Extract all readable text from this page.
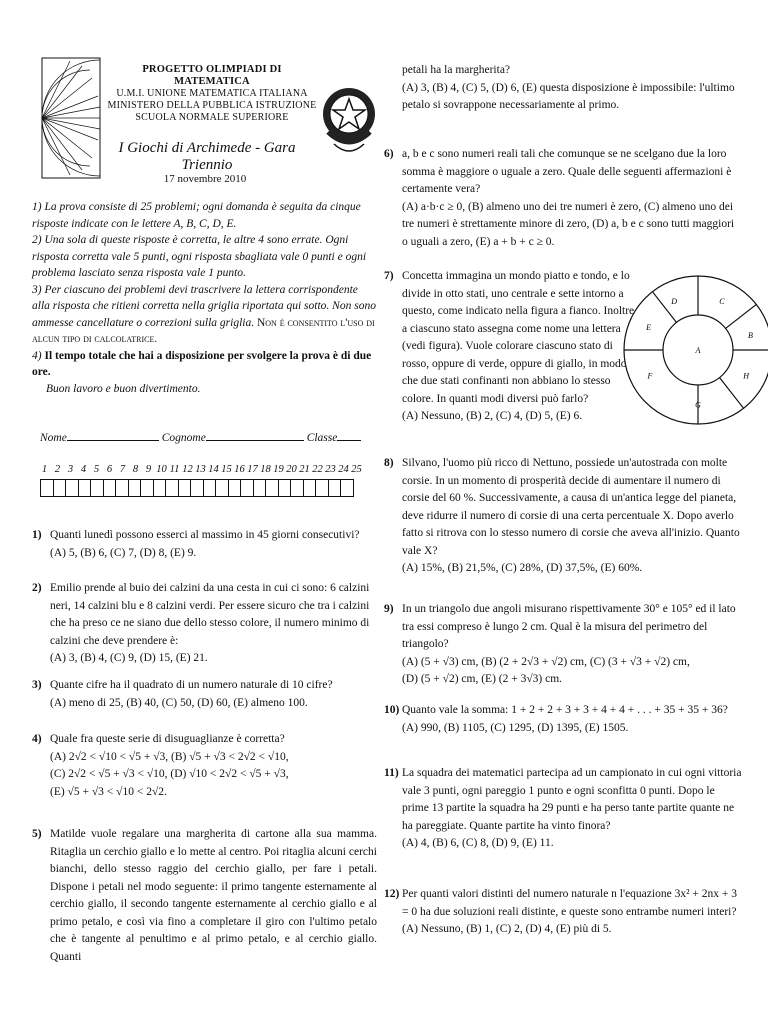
PROGETTO OLIMPIADI DI MATEMATICA
U.M.I. UNIONE MATEMATICA ITALIANA
MINISTERO DELLA PUBBLICA ISTRUZIONE
SCUOLA NORMALE SUPERIORE
I Giochi di Archimede - Gara Triennio
17 novembre 2010
1) La prova consiste di 25 problemi; ogni domanda è seguita da cinque risposte indicate con le lettere A, B, C, D, E.
2) Una sola di queste risposte è corretta, le altre 4 sono errate. Ogni risposta corretta vale 5 punti, ogni risposta sbagliata vale 0 punti e ogni problema lasciato senza risposta vale 1 punto.
3) Per ciascuno dei problemi devi trascrivere la lettera corrispondente alla risposta che ritieni corretta nella griglia riportata qui sotto. Non sono ammesse cancellature o correzioni sulla griglia. Non è consentito l'uso di alcun tipo di calcolatrice.
4) Il tempo totale che hai a disposizione per svolgere la prova è di due ore.
Buon lavoro e buon divertimento.
Nome	Cognome	Classe
1 2 3 4 5 6 7 8 9 10 11 12 13 14 15 16 17 18 19 20 21 22 23 24 25

1) Quanti lunedì possono esserci al massimo in 45 giorni consecutivi?
(A) 5, (B) 6, (C) 7, (D) 8, (E) 9.
2) Emilio prende al buio dei calzini da una cesta in cui ci sono: 6 calzini neri, 14 calzini blu e 8 calzini verdi. Per essere sicuro che tra i calzini che ha preso ce ne siano due dello stesso colore, il numero minimo di calzini che deve prendere è:
(A) 3, (B) 4, (C) 9, (D) 15, (E) 21.
3) Quante cifre ha il quadrato di un numero naturale di 10 cifre?
(A) meno di 25, (B) 40, (C) 50, (D) 60, (E) almeno 100.
4) Quale fra queste serie di disuguaglianze è corretta?
(A) 2√2 < √10 < √5 + √3, (B) √5 + √3 < 2√2 < √10,
(C) 2√2 < √5 + √3 < √10, (D) √10 < 2√2 < √5 + √3,
(E) √5 + √3 < √10 < 2√2.
5) Matilde vuole regalare una margherita di cartone alla sua mamma. Ritaglia un cerchio giallo e lo mette al centro. Poi ritaglia alcuni cerchi bianchi, dello stesso raggio del cerchio giallo, per fare i petali. Dispone i petali nel modo seguente: il primo tangente esternamente al cerchio giallo, il secondo tangente esternamente al cerchio giallo e al primo petalo, e così via fino a completare il giro con l'ultimo petalo che è tangente al penultimo e al primo petalo, e al cerchio giallo. Quanti
petali ha la margherita?
(A) 3, (B) 4, (C) 5, (D) 6, (E) questa disposizione è impossibile: l'ultimo petalo si sovrappone necessariamente al primo.
6) a, b e c sono numeri reali tali che comunque se ne scelgano due la loro somma è maggiore o uguale a zero. Quale delle seguenti affermazioni è certamente vera?
(A) a·b·c ≥ 0, (B) almeno uno dei tre numeri è zero, (C) almeno uno dei tre numeri è strettamente minore di zero, (D) a, b e c sono tutti maggiori o uguali a zero, (E) a + b + c ≥ 0.
7) Concetta immagina un mondo piatto e tondo, e lo divide in otto stati, uno centrale e sette intorno a questo, come indicato nella figura a fianco. Inoltre a ciascuno stato assegna come nome una lettera (vedi figura). Vuole colorare ciascuno stato di rosso, oppure di verde, oppure di giallo, in modo che due stati confinanti non abbiano lo stesso colore. In quanti modi diversi può farlo?
(A) Nessuno, (B) 2, (C) 4, (D) 5, (E) 6.
A
B
C
D
E
F
G
H
8) Silvano, l'uomo più ricco di Nettuno, possiede un'autostrada con molte corsie. In un momento di prosperità decide di aumentare il numero di corsie del 60 %. Successivamente, a causa di un'antica legge del pianeta, deve ridurre il numero di corsie di una certa percentuale X. Dopo averlo fatto si ritrova con lo stesso numero di corsie che aveva all'inizio. Quanto vale X?
(A) 15%, (B) 21,5%, (C) 28%, (D) 37,5%, (E) 60%.
9) In un triangolo due angoli misurano rispettivamente 30° e 105° ed il lato tra essi compreso è lungo 2 cm. Qual è la misura del perimetro del triangolo?
(A) (5 + √3) cm, (B) (2 + 2√3 + √2) cm, (C) (3 + √3 + √2) cm,
(D) (5 + √2) cm, (E) (2 + 3√3) cm.
10) Quanto vale la somma: 1 + 2 + 2 + 3 + 3 + 4 + 4 + . . . + 35 + 35 + 36?
(A) 990, (B) 1105, (C) 1295, (D) 1395, (E) 1505.
11) La squadra dei matematici partecipa ad un campionato in cui ogni vittoria vale 3 punti, ogni pareggio 1 punto e ogni sconfitta 0 punti. Dopo le prime 13 partite la squadra ha 29 punti e ha perso tante partite quante ne ha pareggiate. Quante partite ha vinto finora?
(A) 4, (B) 6, (C) 8, (D) 9, (E) 11.
12) Per quanti valori distinti del numero naturale n l'equazione 3x² + 2nx + 3 = 0 ha due soluzioni reali distinte, e queste sono entrambe numeri interi?
(A) Nessuno, (B) 1, (C) 2, (D) 4, (E) più di 5.
